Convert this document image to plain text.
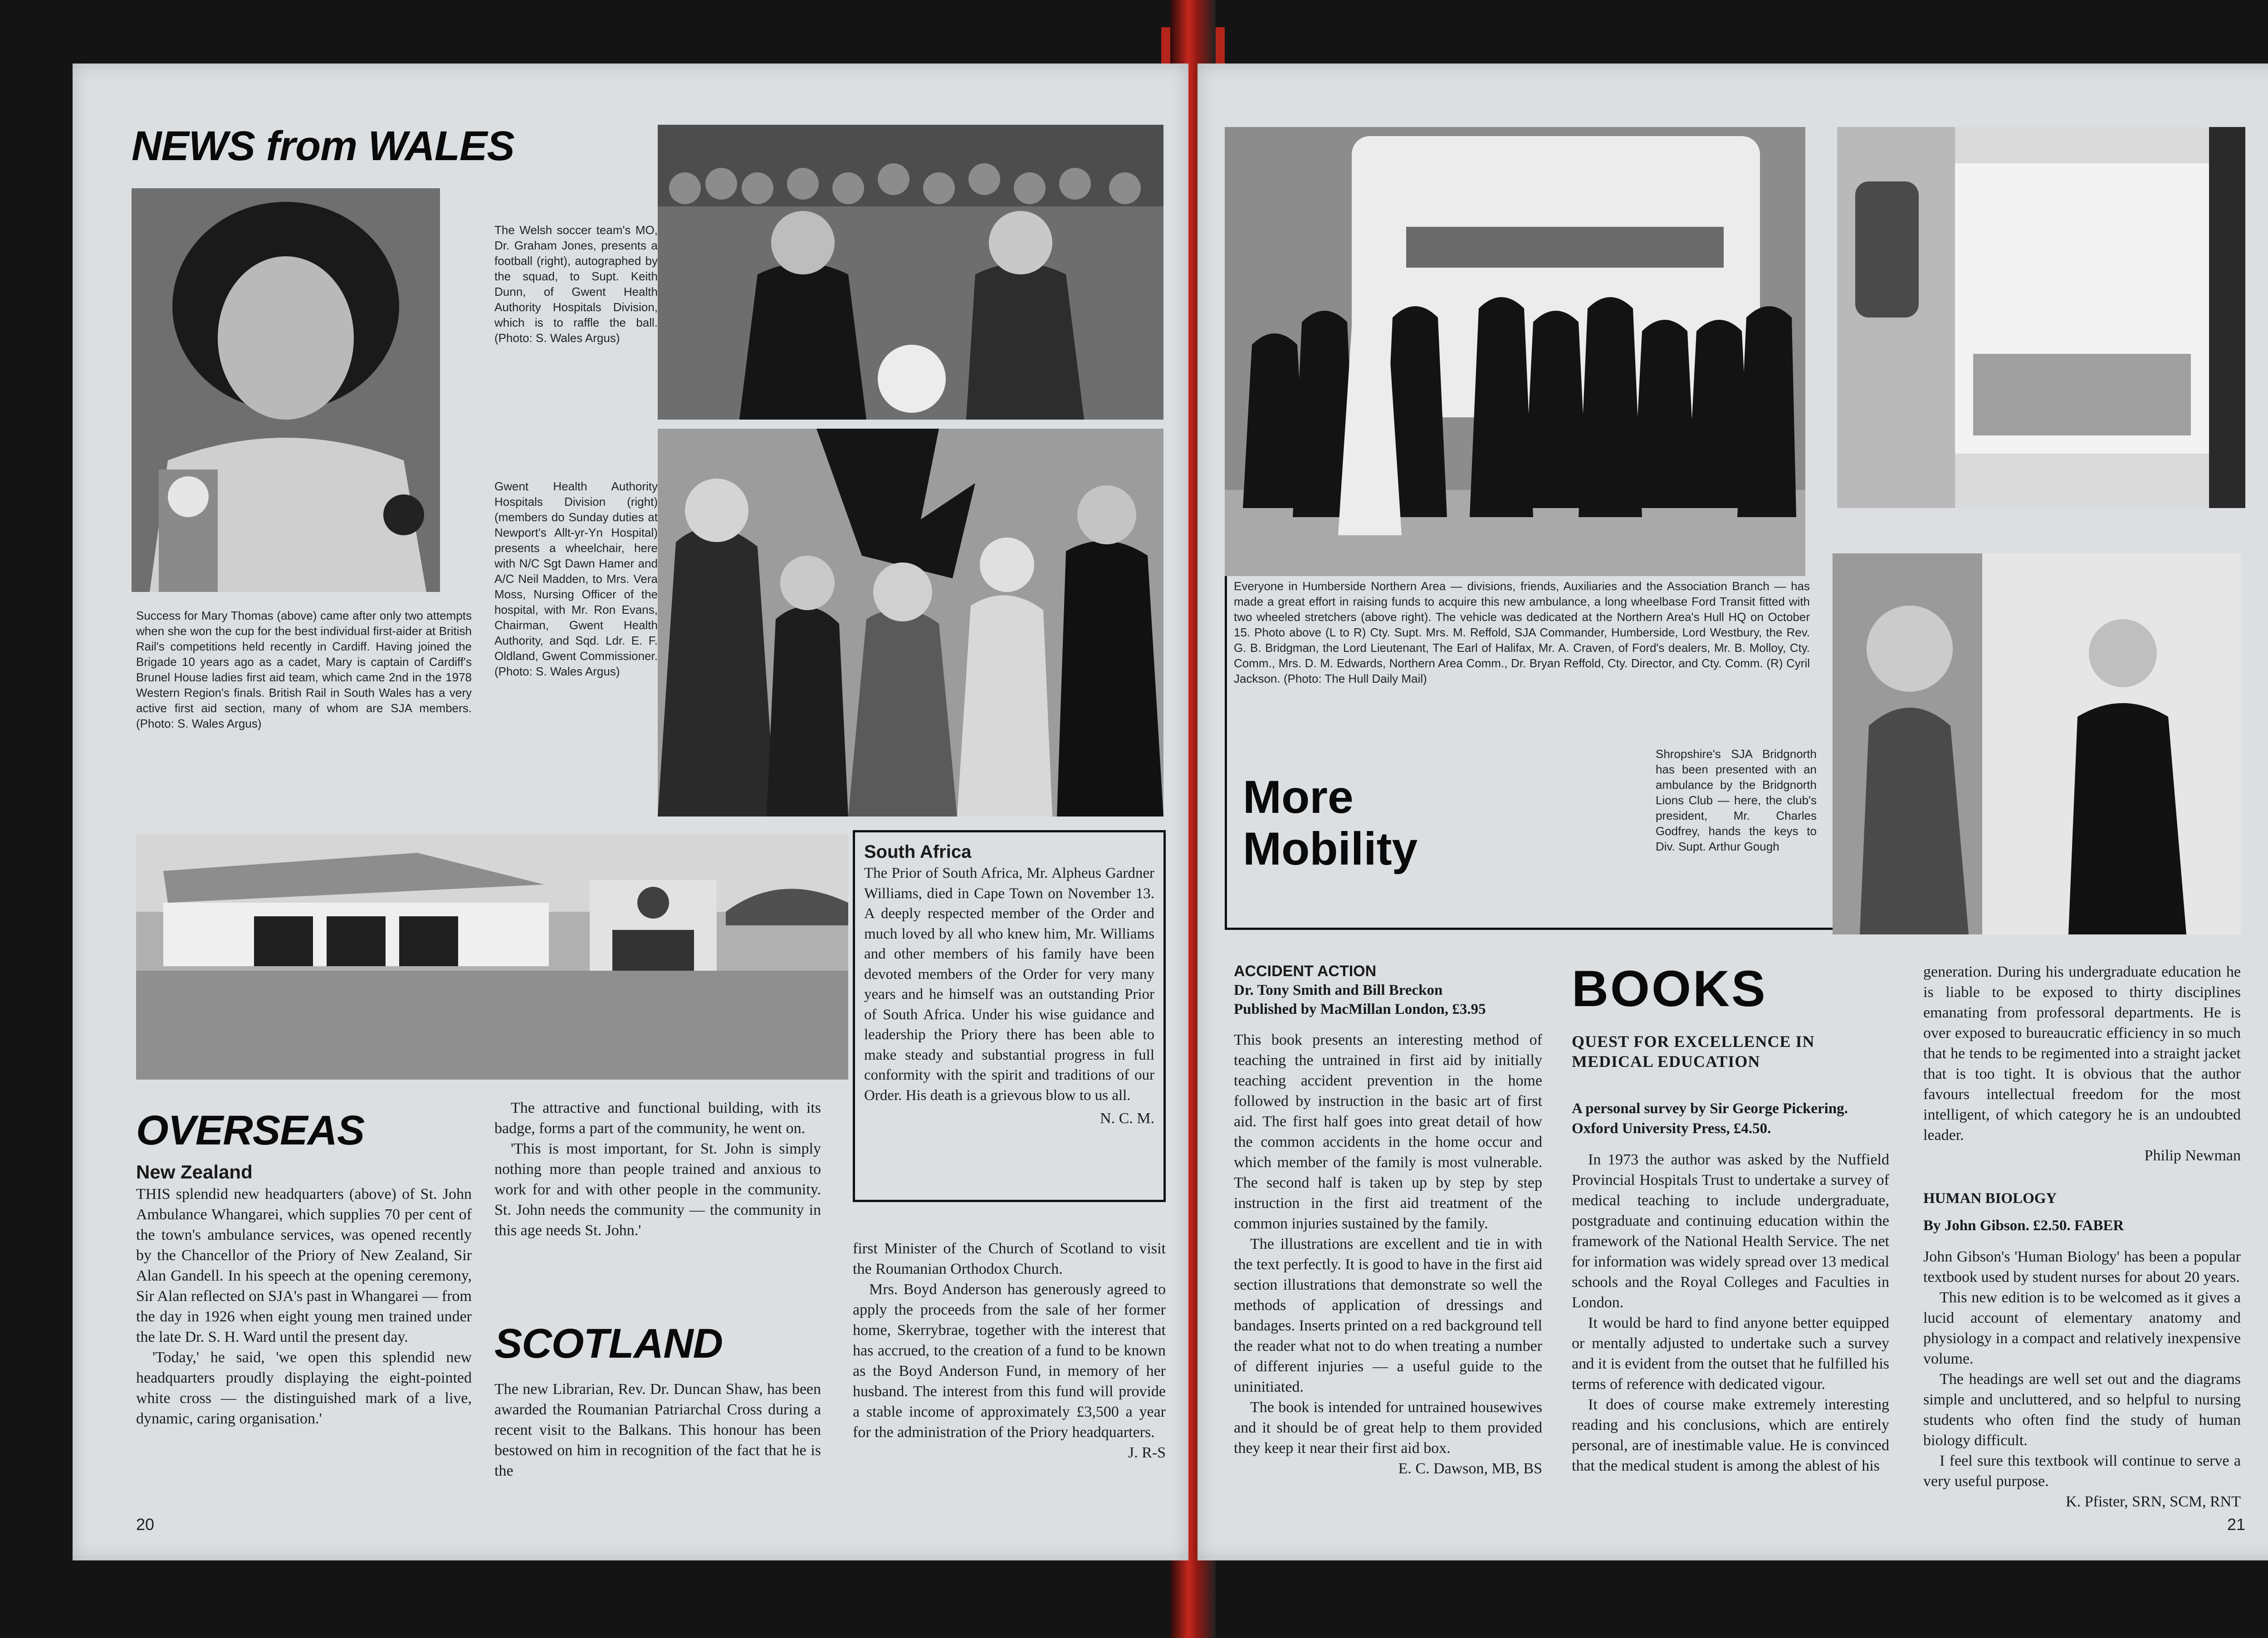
NEWS from WALES
The Welsh soccer team's MO, Dr. Graham Jones, presents a football (right), autographed by the squad, to Supt. Keith Dunn, of Gwent Health Authority Hospitals Division, which is to raffle the ball. (Photo: S. Wales Argus)
Gwent Health Authority Hospitals Division (right) (members do Sunday duties at Newport's Allt-yr-Yn Hospital) presents a wheelchair, here with N/C Sgt Dawn Hamer and A/C Neil Madden, to Mrs. Vera Moss, Nursing Officer of the hospital, with Mr. Ron Evans, Chairman, Gwent Health Authority, and Sqd. Ldr. E. F. Oldland, Gwent Commissioner. (Photo: S. Wales Argus)
Success for Mary Thomas (above) came after only two attempts when she won the cup for the best individual first-aider at British Rail's competitions held recently in Cardiff. Having joined the Brigade 10 years ago as a cadet, Mary is captain of Cardiff's Brunel House ladies first aid team, which came 2nd in the 1978 Western Region's finals. British Rail in South Wales has a very active first aid section, many of whom are SJA members. (Photo: S. Wales Argus)
South Africa
The Prior of South Africa, Mr. Alpheus Gardner Williams, died in Cape Town on November 13. A deeply respected member of the Order and much loved by all who knew him, Mr. Williams and other members of his family have been devoted members of the Order for very many years and he himself was an outstanding Prior of South Africa. Under his wise guidance and leadership the Priory there has been able to make steady and substantial progress in full conformity with the spirit and traditions of our Order. His death is a grievous blow to us all.
N. C. M.
OVERSEAS
New Zealand

THIS splendid new headquarters (above) of St. John Ambulance Whangarei, which supplies 70 per cent of the town's ambulance services, was opened recently by the Chancellor of the Priory of New Zealand, Sir Alan Gandell. In his speech at the opening ceremony, Sir Alan reflected on SJA's past in Whangarei — from the day in 1926 when eight young men trained under the late Dr. S. H. Ward until the present day.

'Today,' he said, 'we open this splendid new headquarters proudly displaying the eight-pointed white cross — the distinguished mark of a live, dynamic, caring organisation.'

The attractive and functional building, with its badge, forms a part of the community, he went on.

'This is most important, for St. John is simply nothing more than people trained and anxious to work for and with other people in the community. St. John needs the community — the community in this age needs St. John.'

SCOTLAND

The new Librarian, Rev. Dr. Duncan Shaw, has been awarded the Roumanian Patriarchal Cross during a recent visit to the Balkans. This honour has been bestowed on him in recognition of the fact that he is the

first Minister of the Church of Scotland to visit the Roumanian Orthodox Church.

Mrs. Boyd Anderson has generously agreed to apply the proceeds from the sale of her former home, Skerrybrae, together with the interest that has accrued, to the creation of a fund to be known as the Boyd Anderson Fund, in memory of her husband. The interest from this fund will provide a stable income of approximately £3,500 a year for the administration of the Priory headquarters.

J. R-S

20
Everyone in Humberside Northern Area — divisions, friends, Auxiliaries and the Association Branch — has made a great effort in raising funds to acquire this new ambulance, a long wheelbase Ford Transit fitted with two wheeled stretchers (above right). The vehicle was dedicated at the Northern Area's Hull HQ on October 15. Photo above (L to R) Cty. Supt. Mrs. M. Reffold, SJA Commander, Humberside, Lord Westbury, the Rev. G. B. Bridgman, the Lord Lieutenant, The Earl of Halifax, Mr. A. Craven, of Ford's dealers, Mr. B. Molloy, Cty. Comm., Mrs. D. M. Edwards, Northern Area Comm., Dr. Bryan Reffold, Cty. Director, and Cty. Comm. (R) Cyril Jackson. (Photo: The Hull Daily Mail)
More Mobility
Shropshire's SJA Bridgnorth has been presented with an ambulance by the Bridgnorth Lions Club — here, the club's president, Mr. Charles Godfrey, hands the keys to Div. Supt. Arthur Gough
ACCIDENT ACTION
Dr. Tony Smith and Bill Breckon
Published by MacMillan London, £3.95

This book presents an interesting method of teaching the untrained in first aid by initially teaching accident prevention in the home followed by instruction in the basic art of first aid. The first half goes into great detail of how the common accidents in the home occur and which member of the family is most vulnerable. The second half is taken up by step by step instruction in the first aid treatment of the common injuries sustained by the family.

The illustrations are excellent and tie in with the text perfectly. It is good to have in the first aid section illustrations that demonstrate so well the methods of application of dressings and bandages. Inserts printed on a red background tell the reader what not to do when treating a number of different injuries — a useful guide to the uninitiated.

The book is intended for untrained housewives and it should be of great help to them provided they keep it near their first aid box.

E. C. Dawson, MB, BS

BOOKS
QUEST FOR EXCELLENCE IN MEDICAL EDUCATION
A personal survey by Sir George Pickering. Oxford University Press, £4.50.

In 1973 the author was asked by the Nuffield Provincial Hospitals Trust to undertake a survey of medical teaching to include undergraduate, postgraduate and continuing education within the framework of the National Health Service. The net for information was widely spread over 13 medical schools and the Royal Colleges and Faculties in London.

It would be hard to find anyone better equipped or mentally adjusted to undertake such a survey and it is evident from the outset that he fulfilled his terms of reference with dedicated vigour.

It does of course make extremely interesting reading and his conclusions, which are entirely personal, are of inestimable value. He is convinced that the medical student is among the ablest of his

generation. During his undergraduate education he is liable to be exposed to thirty disciplines emanating from professoral departments. He is over exposed to bureaucratic efficiency in so much that he tends to be regimented into a straight jacket that is too tight. It is obvious that the author favours intellectual freedom for the most intelligent, of which category he is an undoubted leader.

Philip Newman

HUMAN BIOLOGY
By John Gibson. £2.50. FABER

John Gibson's 'Human Biology' has been a popular textbook used by student nurses for about 20 years.

This new edition is to be welcomed as it gives a lucid account of elementary anatomy and physiology in a compact and relatively inexpensive volume.

The headings are well set out and the diagrams simple and uncluttered, and so helpful to nursing students who often find the study of human biology difficult.

I feel sure this textbook will continue to serve a very useful purpose.

K. Pfister, SRN, SCM, RNT

21
